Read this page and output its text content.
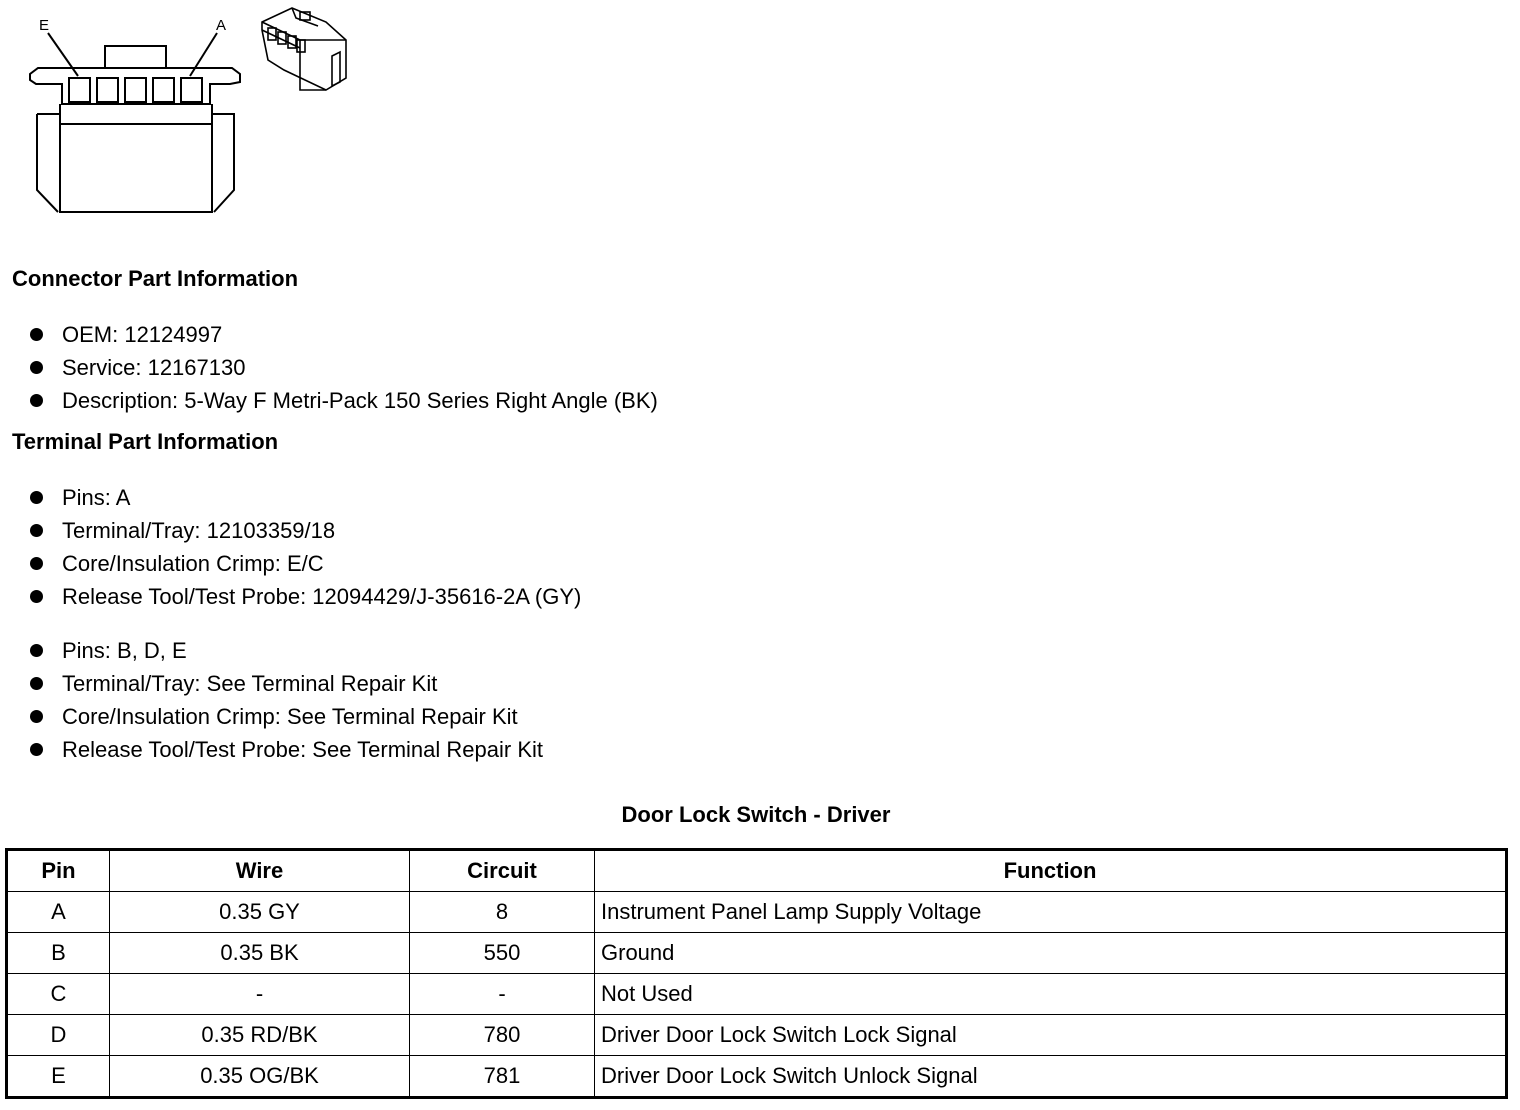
E	A
Connector Part Information
OEM: 12124997
Service: 12167130
Description: 5-Way F Metri-Pack 150 Series Right Angle (BK)
Terminal Part Information
Pins: A
Terminal/Tray: 12103359/18
Core/Insulation Crimp: E/C
Release Tool/Test Probe: 12094429/J-35616-2A (GY)
Pins: B, D, E
Terminal/Tray: See Terminal Repair Kit
Core/Insulation Crimp: See Terminal Repair Kit
Release Tool/Test Probe: See Terminal Repair Kit
Door Lock Switch - Driver
Pin	Wire	Circuit	Function
A	0.35 GY	8	Instrument Panel Lamp Supply Voltage
B	0.35 BK	550	Ground
C	-	-	Not Used
D	0.35 RD/BK	780	Driver Door Lock Switch Lock Signal
E	0.35 OG/BK	781	Driver Door Lock Switch Unlock Signal
